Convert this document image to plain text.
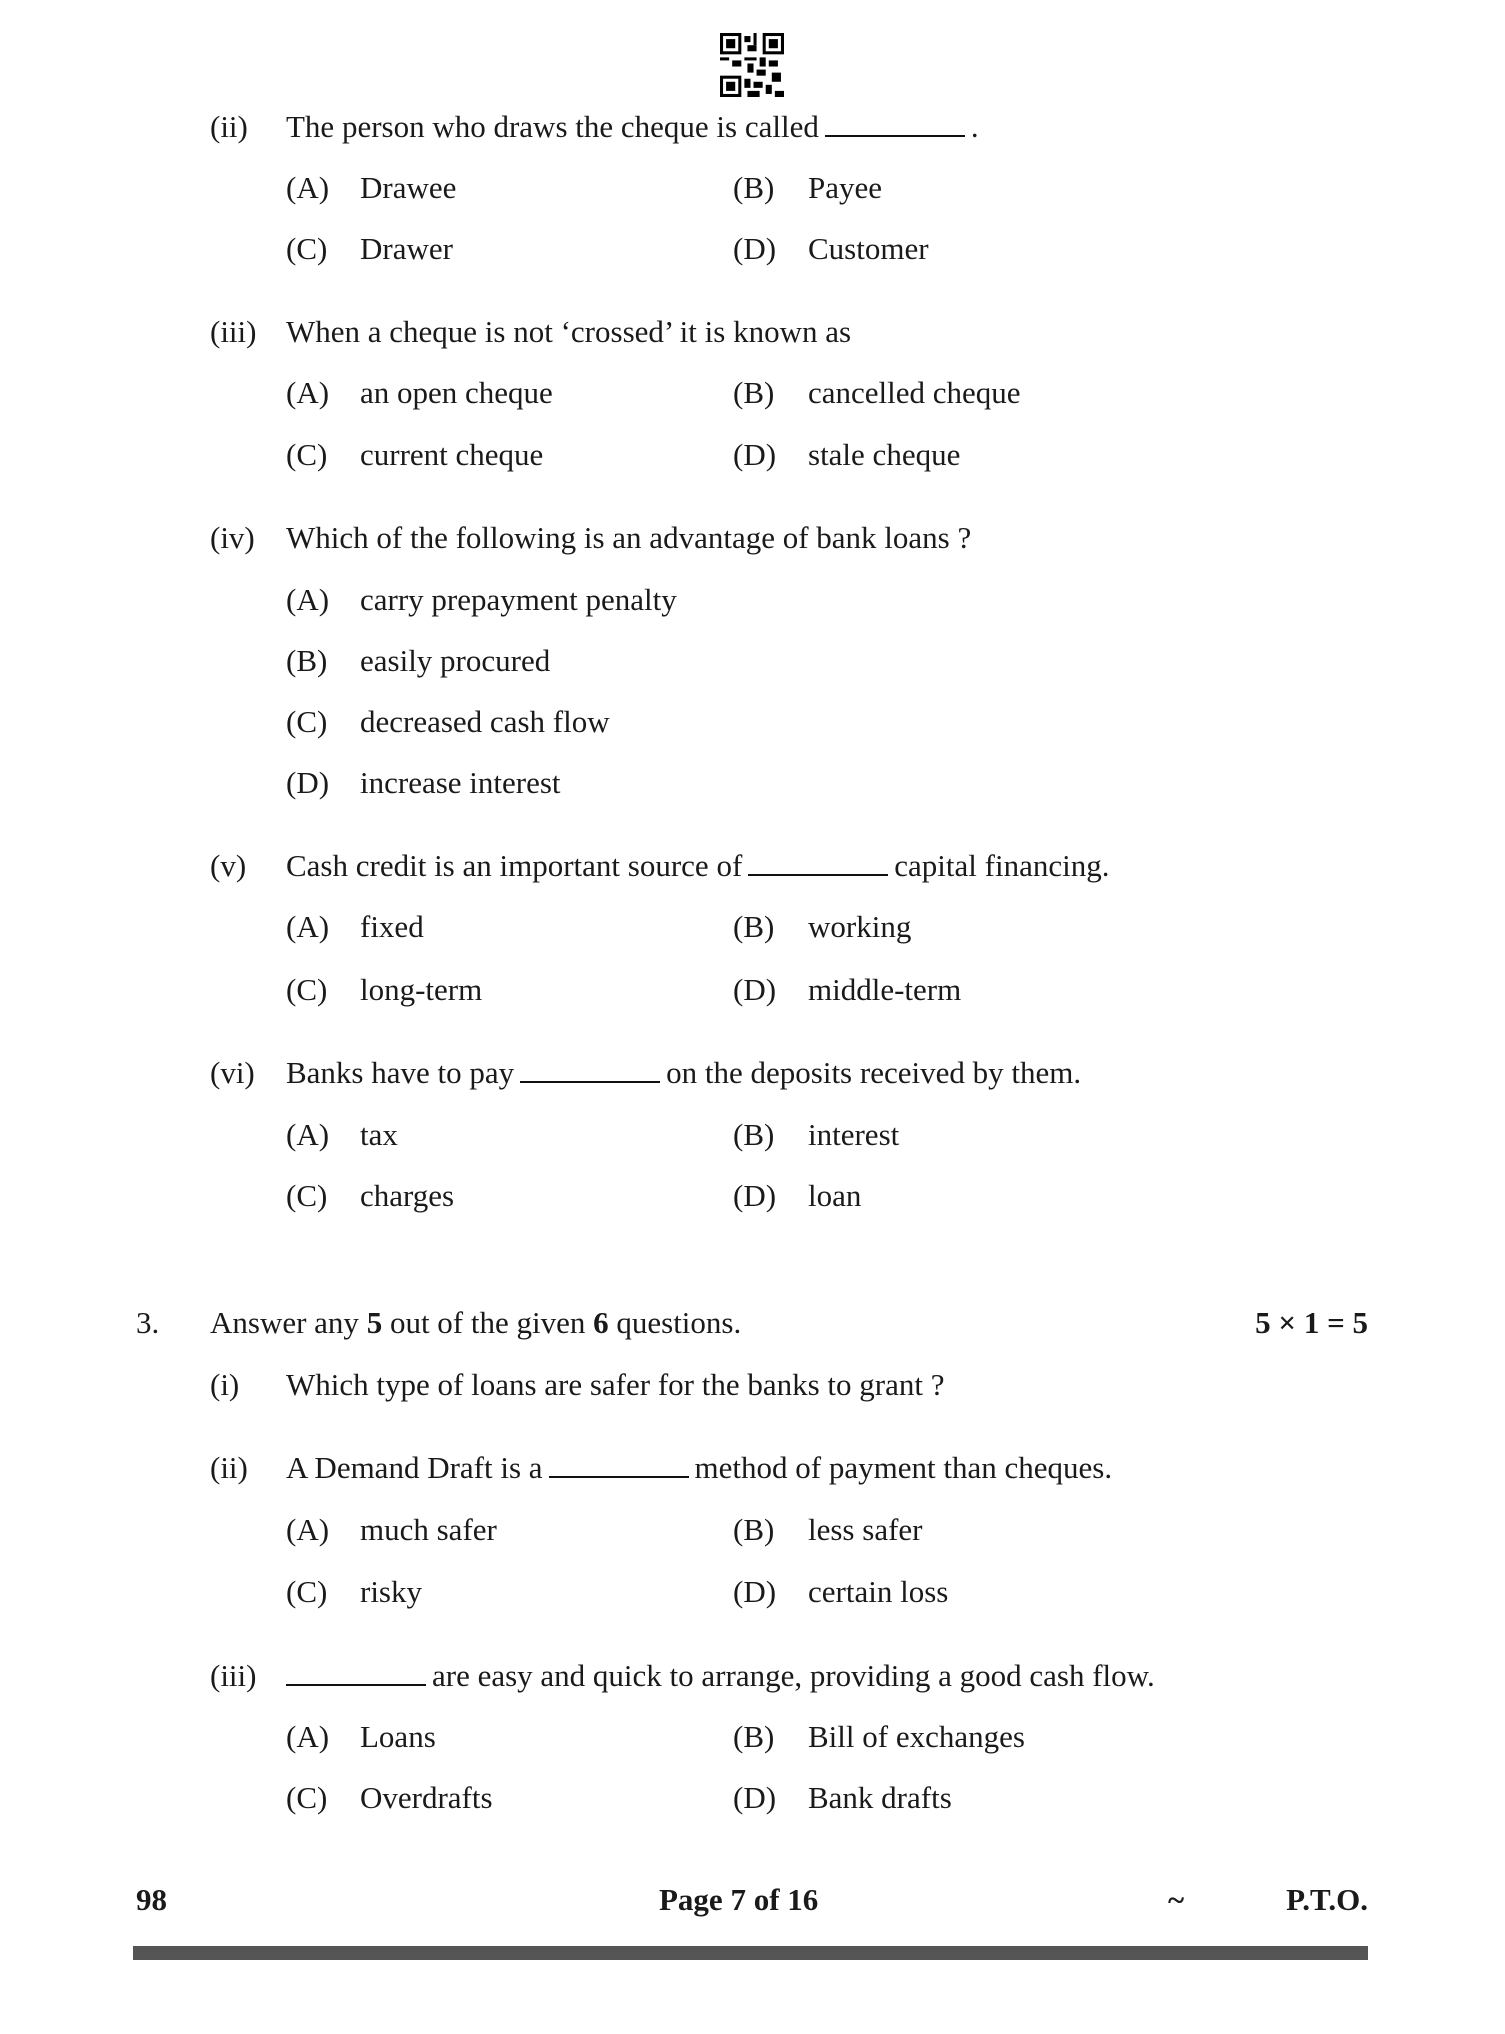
(ii) The person who draws the cheque is called	.
(A) Drawee	(B) Payee
(C) Drawer	(D) Customer
(iii) When a cheque is not ‘crossed’ it is known as
(A) an open cheque	(B) cancelled cheque
(C) current cheque	(D) stale cheque
(iv) Which of the following is an advantage of bank loans ?
(A) carry prepayment penalty
(B) easily procured
(C) decreased cash flow
(D) increase interest
(v) Cash credit is an important source of	capital financing.
(A) fixed	(B) working
(C) long-term	(D) middle-term
(vi) Banks have to pay	on the deposits received by them.
(A) tax	(B) interest
(C) charges	(D) loan
3. Answer any 5 out of the given 6 questions.	5 × 1 = 5
(i) Which type of loans are safer for the banks to grant ?
(ii) A Demand Draft is a	method of payment than cheques.
(A) much safer	(B) less safer
(C) risky	(D) certain loss
(iii)	are easy and quick to arrange, providing a good cash flow.
(A) Loans	(B) Bill of exchanges
(C) Overdrafts	(D) Bank drafts
98	Page 7 of 16	~	P.T.O.
